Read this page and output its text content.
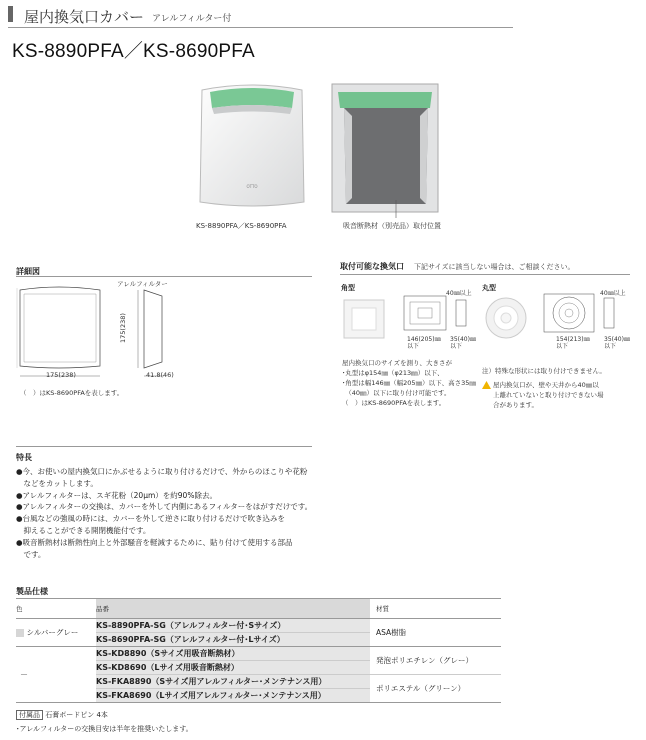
屋内換気口カバー アレルフィルター付
KS-8890PFA／KS-8690PFA
OTTO
KS-8890PFA／KS-8690PFA	吸音断熱材（別売品）取付位置
詳細図
アレルフィルター
175(238)
175(238)	41.8(46)
（　）はKS-8690PFAを表します。
取付可能な換気口 下記サイズに該当しない場合は、ご相談ください。
角型
40㎜以上
146(205)㎜
以下
35(40)㎜
以下
丸型
40㎜以上
154(213)㎜
以下
35(40)㎜
以下
屋内換気口のサイズを測り、大きさが
･丸型はφ154㎜（φ213㎜）以下、
･角型は幅146㎜（幅205㎜）以下、高さ35㎜
　（40㎜）以下に取り付け可能です。
（　）はKS-8690PFAを表します。
注）特殊な形状には取り付けできません。
屋内換気口が、壁や天井から40㎜以
上離れていないと取り付けできない場
合があります。
特長
●今、お使いの屋内換気口にかぶせるように取り付けるだけで、外からのほこりや花粉
　などをカットします。
●アレルフィルターは、スギ花粉（20μm）を約90%除去。
●アレルフィルターの交換は、カバーを外して内側にあるフィルターをはがすだけです。
●台風などの強風の時には、カバーを外して逆さに取り付けるだけで吹き込みを
　抑えることができる開閉機能付です。
●吸音断熱材は断熱性向上と外部騒音を軽減するために、貼り付けて使用する部品
　です。
製品仕様
色	品番	材質
シルバーグレー	KS-8890PFA-SG（アレルフィルター付･Sサイズ）	ASA樹脂
	KS-8690PFA-SG（アレルフィルター付･Lサイズ）	
－	KS-KD8890（Sサイズ用吸音断熱材）	発泡ポリエチレン（グレー）
	KS-KD8690（Lサイズ用吸音断熱材）	
	KS-FKA8890（Sサイズ用アレルフィルター･メンテナンス用）	ポリエステル（グリーン）
	KS-FKA8690（Lサイズ用アレルフィルター･メンテナンス用）	
付属品 石膏ボードピン 4本
･アレルフィルターの交換目安は半年を推奨いたします。
